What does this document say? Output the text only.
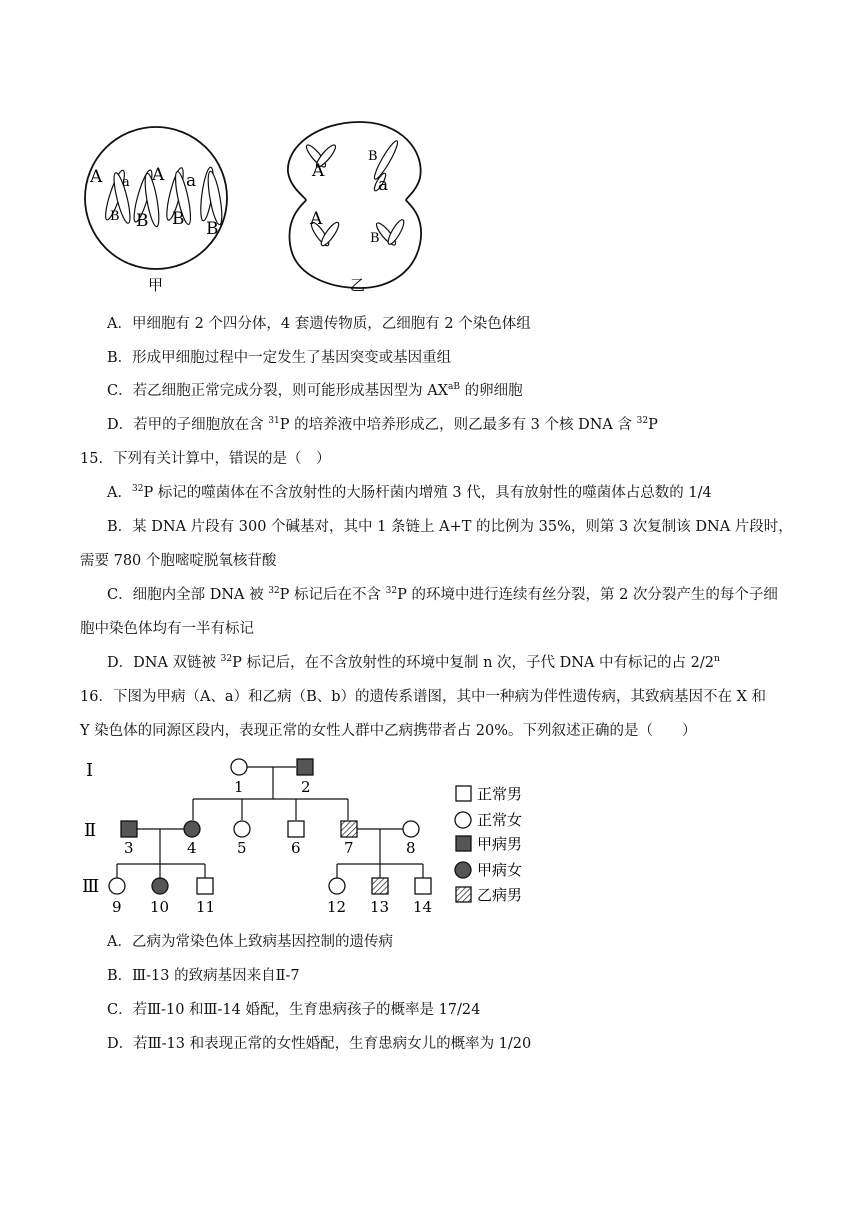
A a A a
B B B B
甲
A
B
a
A
B
乙
A．甲细胞有 2 个四分体，4 套遗传物质，乙细胞有 2 个染色体组
B．形成甲细胞过程中一定发生了基因突变或基因重组
C．若乙细胞正常完成分裂，则可能形成基因型为 $AX^{aB}$ 的卵细胞
D．若甲的子细胞放在含 $^{31}$P 的培养液中培养形成乙，则乙最多有 3 个核 DNA 含 $^{32}$P
15．下列有关计算中，错误的是（　）
A．$^{32}$P 标记的噬菌体在不含放射性的大肠杆菌内增殖 3 代，具有放射性的噬菌体占总数的 1/4
B．某 DNA 片段有 300 个碱基对，其中 1 条链上 A+T 的比例为 35%，则第 3 次复制该 DNA 片段时，
需要 780 个胞嘧啶脱氧核苷酸
C．细胞内全部 DNA 被 $^{32}$P 标记后在不含 $^{32}$P 的环境中进行连续有丝分裂，第 2 次分裂产生的每个子细
胞中染色体均有一半有标记
D．DNA 双链被 $^{32}$P 标记后，在不含放射性的环境中复制 n 次，子代 DNA 中有标记的占 2/2$^n$
16．下图为甲病（A、a）和乙病（B、b）的遗传系谱图，其中一种病为伴性遗传病，其致病基因不在 X 和
Y 染色体的同源区段内，表现正常的女性人群中乙病携带者占 20%。下列叙述正确的是（　　）
Ⅰ
Ⅱ
Ⅲ
1	2
3	4	5	6	7	8
9 10 11	12 13 14
正常男
正常女
甲病男
甲病女
乙病男
A．乙病为常染色体上致病基因控制的遗传病
B．Ⅲ-13 的致病基因来自Ⅱ-7
C．若Ⅲ-10 和Ⅲ-14 婚配，生育患病孩子的概率是 17/24
D．若Ⅲ-13 和表现正常的女性婚配，生育患病女儿的概率为 1/20
